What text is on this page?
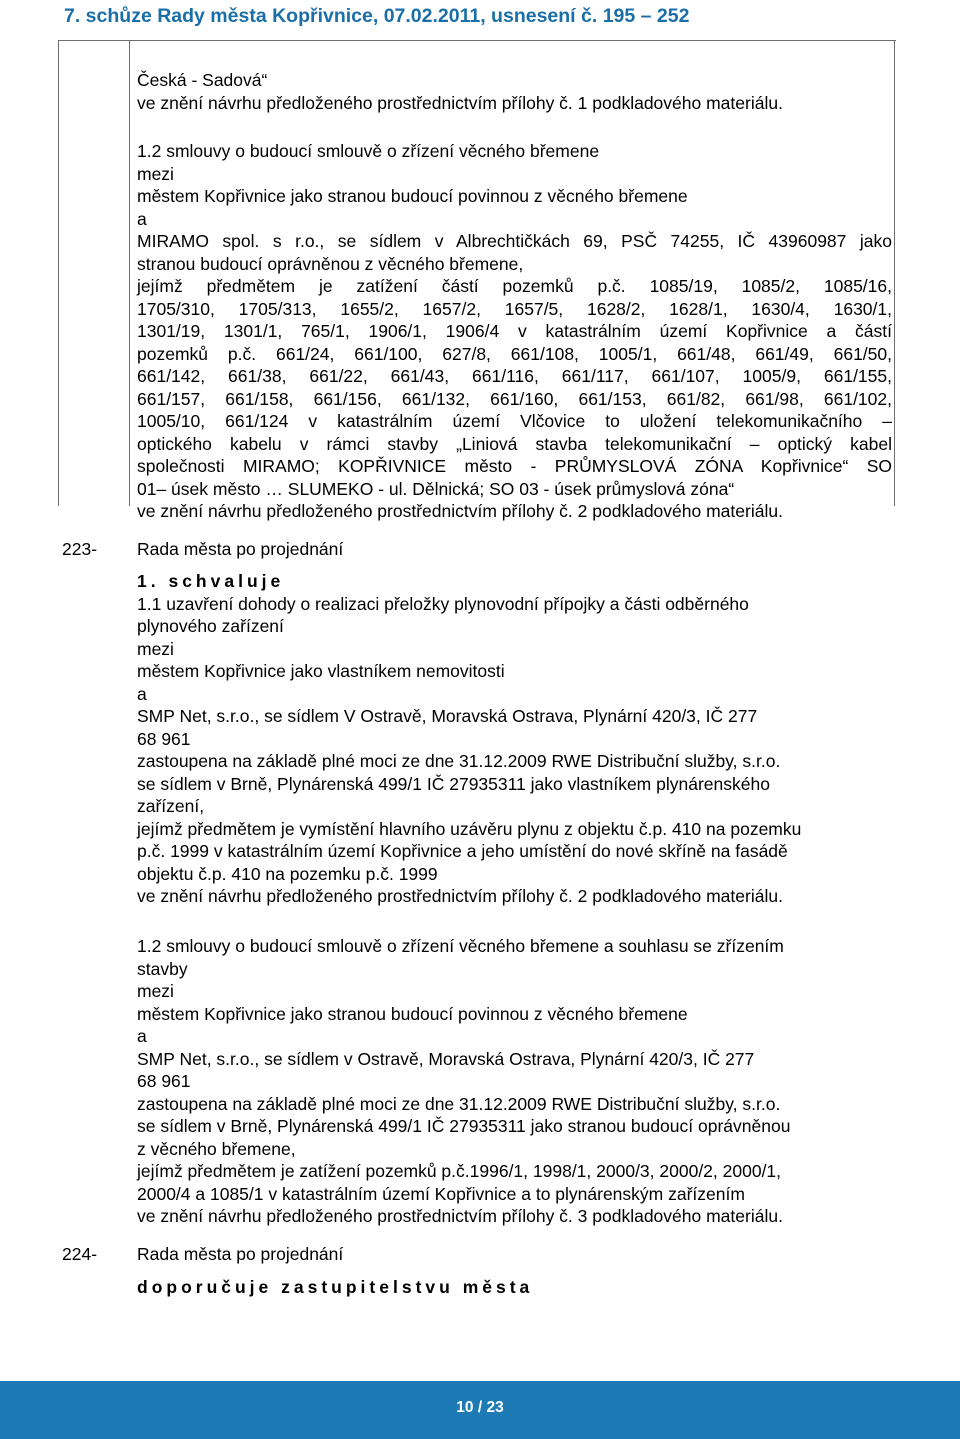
7. schůze Rady města Kopřivnice, 07.02.2011, usnesení č. 195 – 252
Česká - Sadová“
ve znění návrhu předloženého prostřednictvím přílohy č. 1 podkladového materiálu.
1.2 smlouvy o budoucí smlouvě o zřízení věcného břemene
mezi
městem Kopřivnice jako stranou budoucí povinnou z věcného břemene
a
MIRAMO spol. s r.o., se sídlem v Albrechtičkách 69, PSČ 74255, IČ 43960987 jako
stranou budoucí oprávněnou z věcného břemene,
jejímž předmětem je zatížení částí pozemků p.č. 1085/19, 1085/2, 1085/16,
1705/310, 1705/313, 1655/2, 1657/2, 1657/5, 1628/2, 1628/1, 1630/4, 1630/1,
1301/19, 1301/1, 765/1, 1906/1, 1906/4 v katastrálním území Kopřivnice a částí
pozemků p.č. 661/24, 661/100, 627/8, 661/108, 1005/1, 661/48, 661/49, 661/50,
661/142, 661/38, 661/22, 661/43, 661/116, 661/117, 661/107, 1005/9, 661/155,
661/157, 661/158, 661/156, 661/132, 661/160, 661/153, 661/82, 661/98, 661/102,
1005/10, 661/124 v katastrálním území Vlčovice to uložení telekomunikačního –
optického kabelu v rámci stavby „Liniová stavba telekomunikační – optický kabel
společnosti MIRAMO; KOPŘIVNICE město - PRŮMYSLOVÁ ZÓNA Kopřivnice“ SO
01– úsek město … SLUMEKO - ul. Dělnická; SO 03 - úsek průmyslová zóna“
ve znění návrhu předloženého prostřednictvím přílohy č. 2 podkladového materiálu.
223- Rada města po projednání
1. schvaluje
1.1 uzavření dohody o realizaci přeložky plynovodní přípojky a části odběrného
plynového zařízení
mezi
městem Kopřivnice jako vlastníkem nemovitosti
a
SMP Net, s.r.o., se sídlem V Ostravě, Moravská Ostrava, Plynární 420/3, IČ 277
68 961
zastoupena na základě plné moci ze dne 31.12.2009 RWE Distribuční služby, s.r.o.
se sídlem v Brně, Plynárenská 499/1 IČ 27935311 jako vlastníkem plynárenského
zařízení,
jejímž předmětem je vymístění hlavního uzávěru plynu z objektu č.p. 410 na pozemku
p.č. 1999 v katastrálním území Kopřivnice a jeho umístění do nové skříně na fasádě
objektu č.p. 410 na pozemku p.č. 1999
ve znění návrhu předloženého prostřednictvím přílohy č. 2 podkladového materiálu.
1.2 smlouvy o budoucí smlouvě o zřízení věcného břemene a souhlasu se zřízením
stavby
mezi
městem Kopřivnice jako stranou budoucí povinnou z věcného břemene
a
SMP Net, s.r.o., se sídlem v Ostravě, Moravská Ostrava, Plynární 420/3, IČ 277
68 961
zastoupena na základě plné moci ze dne 31.12.2009 RWE Distribuční služby, s.r.o.
se sídlem v Brně, Plynárenská 499/1 IČ 27935311 jako stranou budoucí oprávněnou
z věcného břemene,
jejímž předmětem je zatížení pozemků p.č.1996/1, 1998/1, 2000/3, 2000/2, 2000/1,
2000/4 a 1085/1 v katastrálním území Kopřivnice a to plynárenským zařízením
ve znění návrhu předloženého prostřednictvím přílohy č. 3 podkladového materiálu.
224- Rada města po projednání
doporučuje zastupitelstvu města
10 / 23
